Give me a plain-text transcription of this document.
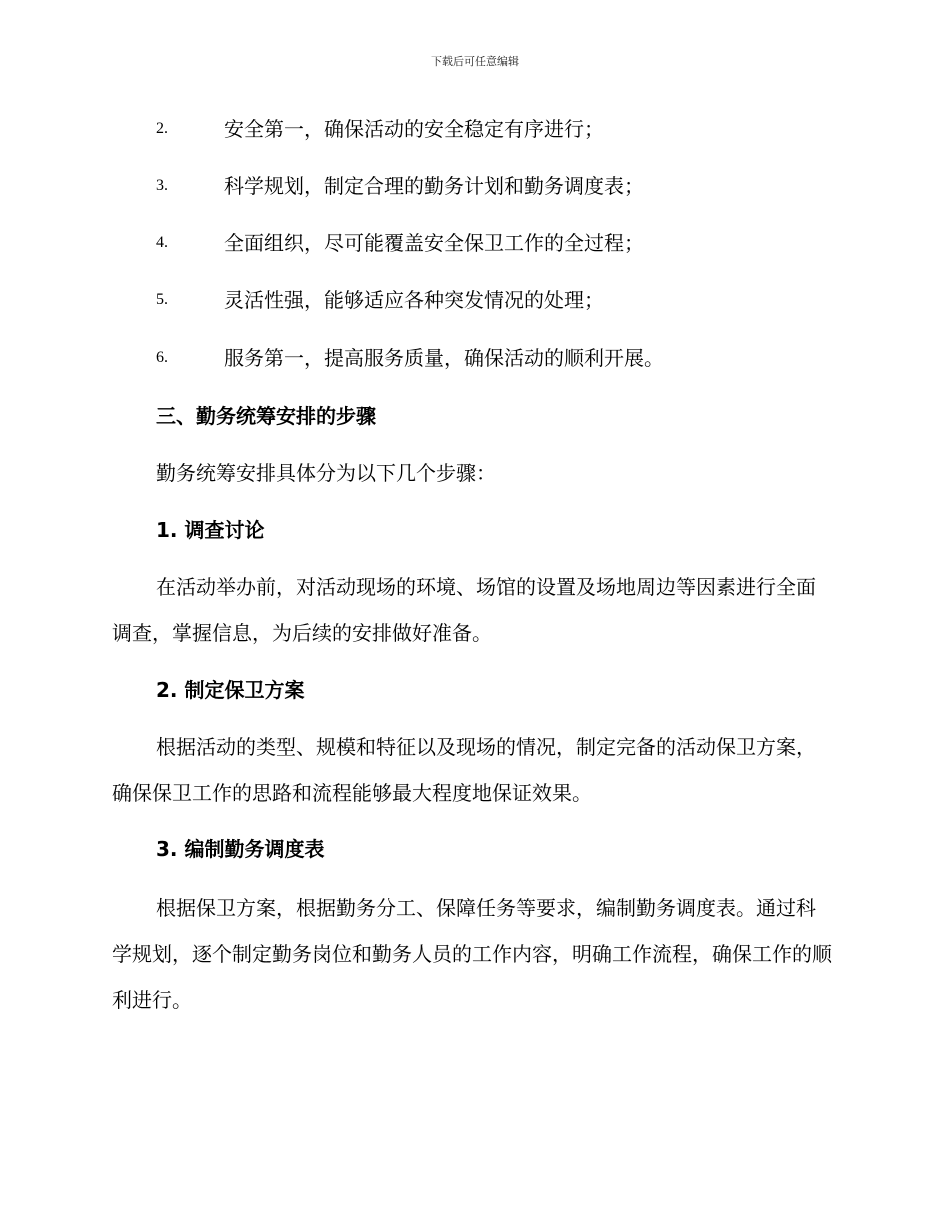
下载后可任意编辑
2.	安全第一，确保活动的安全稳定有序进行；
3.	科学规划，制定合理的勤务计划和勤务调度表；
4.	全面组织，尽可能覆盖安全保卫工作的全过程；
5.	灵活性强，能够适应各种突发情况的处理；
6.	服务第一，提高服务质量，确保活动的顺利开展。
三、勤务统筹安排的步骤
勤务统筹安排具体分为以下几个步骤：
1. 调查讨论

在活动举办前，对活动现场的环境、场馆的设置及场地周边等因素进行全面调查，掌握信息，为后续的安排做好准备。

2. 制定保卫方案

根据活动的类型、规模和特征以及现场的情况，制定完备的活动保卫方案，确保保卫工作的思路和流程能够最大程度地保证效果。

3. 编制勤务调度表

根据保卫方案，根据勤务分工、保障任务等要求，编制勤务调度表。通过科学规划，逐个制定勤务岗位和勤务人员的工作内容，明确工作流程，确保工作的顺利进行。
